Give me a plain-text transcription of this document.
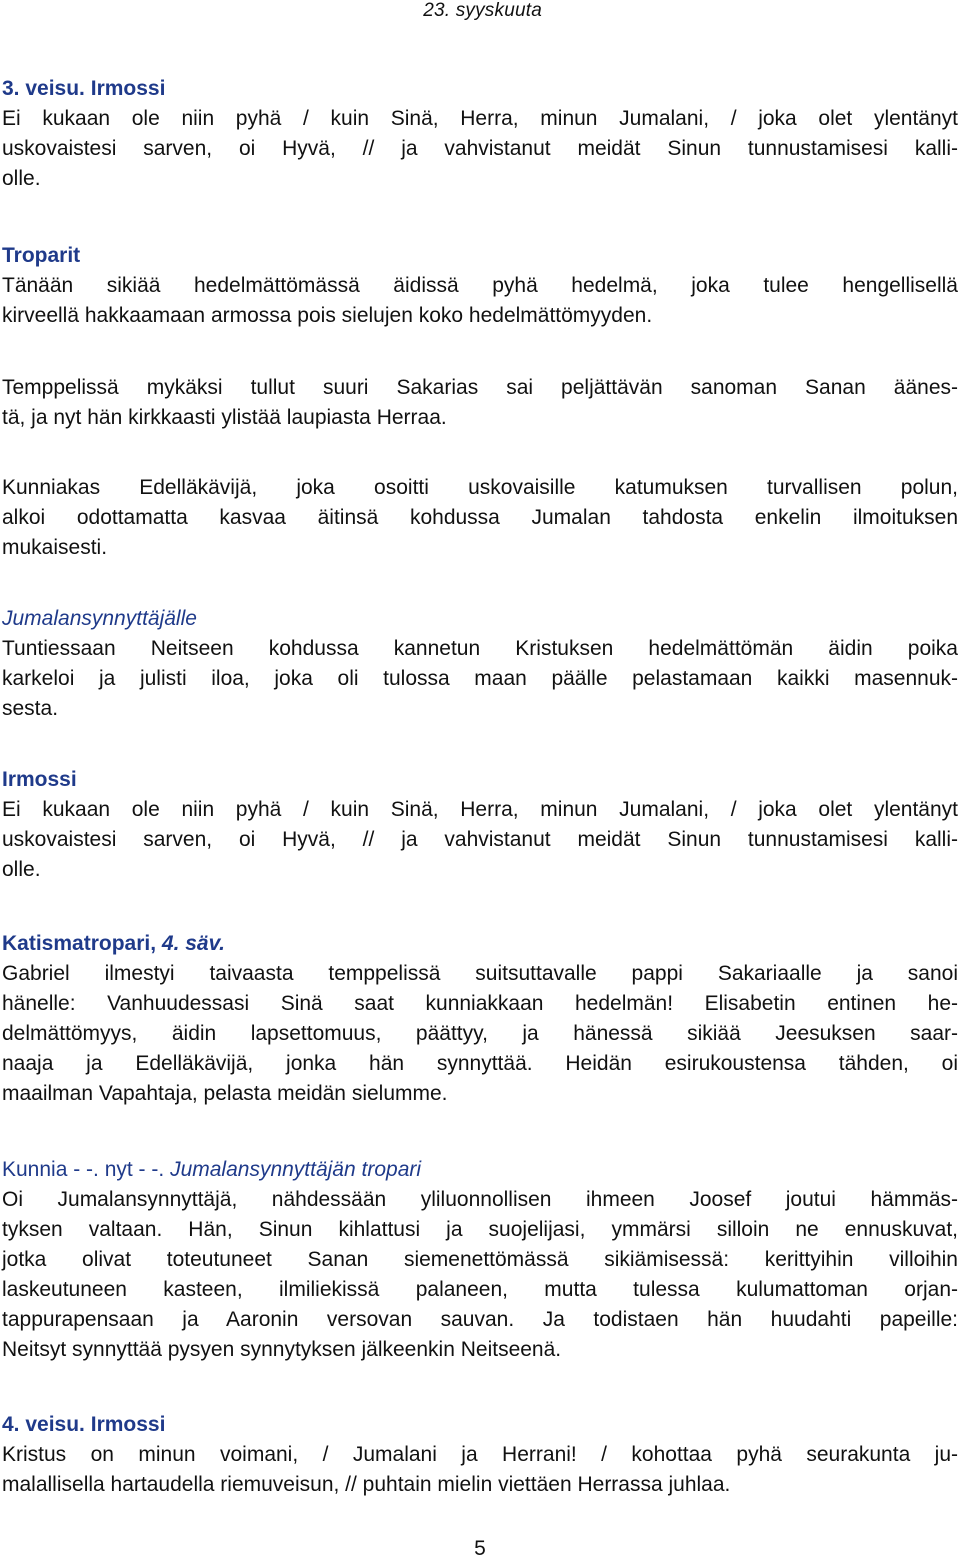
23. syyskuuta
3. veisu. Irmossi
Ei kukaan ole niin pyhä / kuin Sinä, Herra, minun Jumalani, / joka olet ylentänyt
uskovaistesi sarven, oi Hyvä, // ja vahvistanut meidät Sinun tunnustamisesi kalli-
olle.
Troparit
Tänään sikiää hedelmättömässä äidissä pyhä hedelmä, joka tulee hengellisellä
kirveellä hakkaamaan armossa pois sielujen koko hedelmättömyyden.
Temppelissä mykäksi tullut suuri Sakarias sai peljättävän sanoman Sanan äänes-
tä, ja nyt hän kirkkaasti ylistää laupiasta Herraa.
Kunniakas Edelläkävijä, joka osoitti uskovaisille katumuksen turvallisen polun,
alkoi odottamatta kasvaa äitinsä kohdussa Jumalan tahdosta enkelin ilmoituksen
mukaisesti.
Jumalansynnyttäjälle
Tuntiessaan Neitseen kohdussa kannetun Kristuksen hedelmättömän äidin poika
karkeloi ja julisti iloa, joka oli tulossa maan päälle pelastamaan kaikki masennuk-
sesta.
Irmossi
Ei kukaan ole niin pyhä / kuin Sinä, Herra, minun Jumalani, / joka olet ylentänyt
uskovaistesi sarven, oi Hyvä, // ja vahvistanut meidät Sinun tunnustamisesi kalli-
olle.
Katismatropari, 4. säv.
Gabriel ilmestyi taivaasta temppelissä suitsuttavalle pappi Sakariaalle ja sanoi
hänelle: Vanhuudessasi Sinä saat kunniakkaan hedelmän! Elisabetin entinen he-
delmättömyys, äidin lapsettomuus, päättyy, ja hänessä sikiää Jeesuksen saar-
naaja ja Edelläkävijä, jonka hän synnyttää. Heidän esirukoustensa tähden, oi
maailman Vapahtaja, pelasta meidän sielumme.
Kunnia - -. nyt - -. Jumalansynnyttäjän tropari
Oi Jumalansynnyttäjä, nähdessään yliluonnollisen ihmeen Joosef joutui hämmäs-
tyksen valtaan. Hän, Sinun kihlattusi ja suojelijasi, ymmärsi silloin ne ennuskuvat,
jotka olivat toteutuneet Sanan siemenettömässä sikiämisessä: kerittyihin villoihin
laskeutuneen kasteen, ilmiliekissä palaneen, mutta tulessa kulumattoman orjan-
tappurapensaan ja Aaronin versovan sauvan. Ja todistaen hän huudahti papeille:
Neitsyt synnyttää pysyen synnytyksen jälkeenkin Neitseenä.
4. veisu. Irmossi
Kristus on minun voimani, / Jumalani ja Herrani! / kohottaa pyhä seurakunta ju-
malallisella hartaudella riemuveisun, // puhtain mielin viettäen Herrassa juhlaa.
5
